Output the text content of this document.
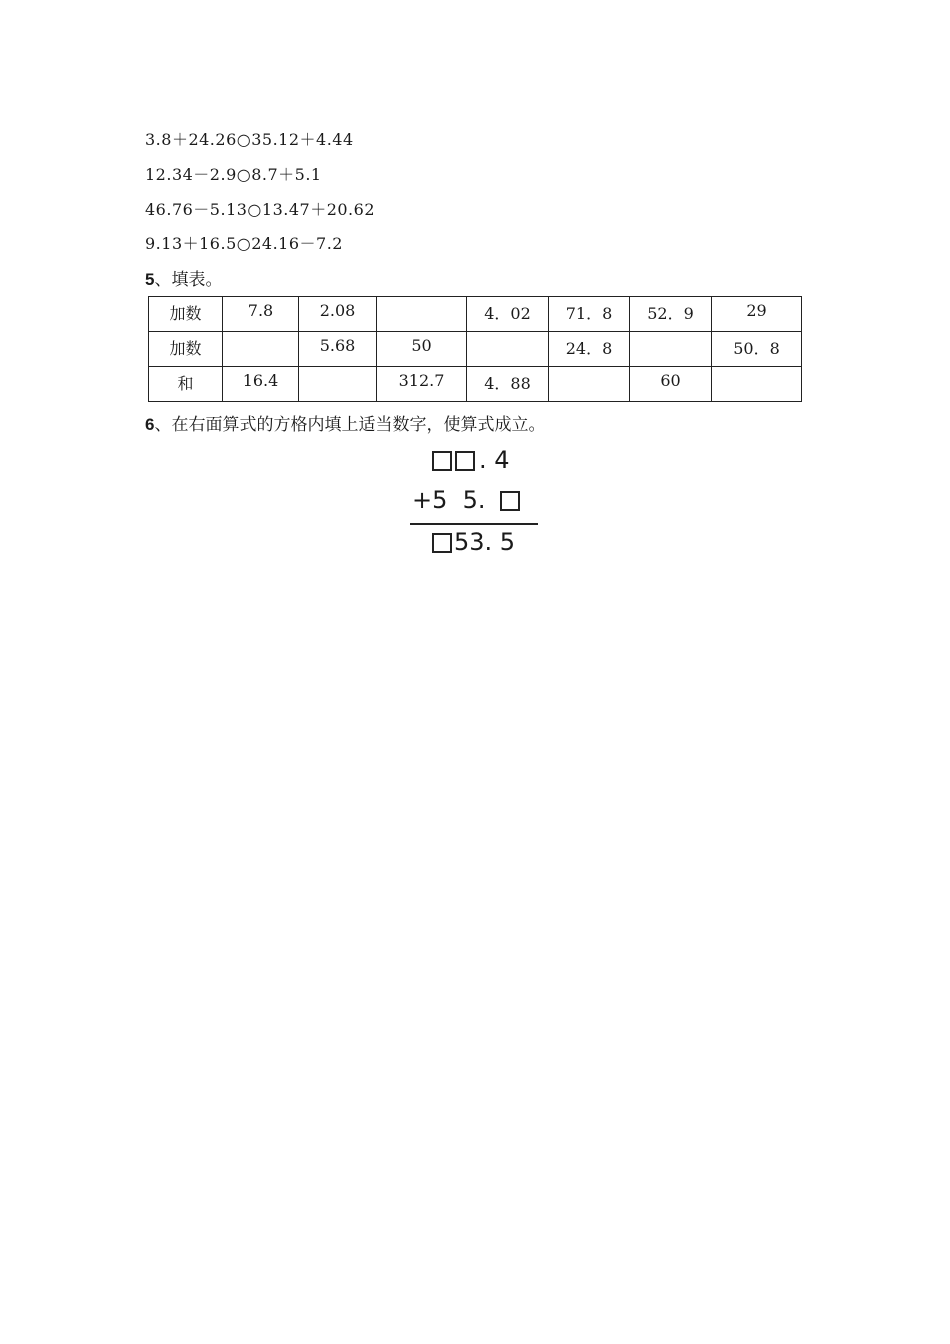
3.8＋24.26○35.12＋4.44
12.34－2.9○8.7＋5.1
46.76－5.13○13.47＋20.62
9.13＋16.5○24.16－7.2
5、填表。
加数	7.8	2.08		4．02	71．8	52．9	29
加数		5.68	50		24．8		50．8
和	16.4		312.7	4．88		60	
6、在右面算式的方格内填上适当数字，使算式成立。
. 4
+5  5.
53. 5
